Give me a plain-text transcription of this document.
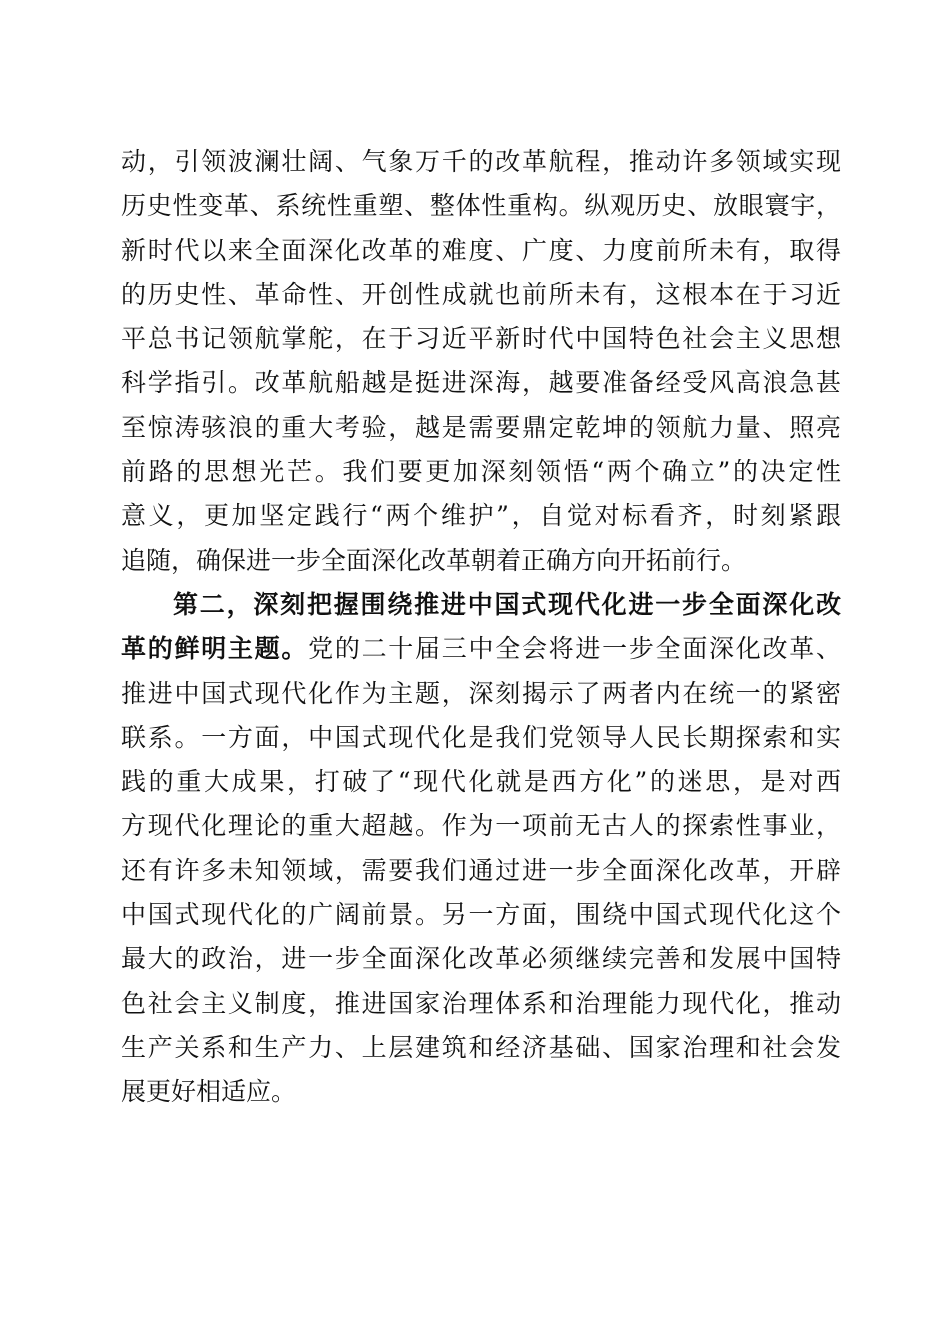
动，引领波澜壮阔、气象万千的改革航程，推动许多领域实现
历史性变革、系统性重塑、整体性重构。纵观历史、放眼寰宇，
新时代以来全面深化改革的难度、广度、力度前所未有，取得
的历史性、革命性、开创性成就也前所未有，这根本在于习近
平总书记领航掌舵，在于习近平新时代中国特色社会主义思想
科学指引。改革航船越是挺进深海，越要准备经受风高浪急甚
至惊涛骇浪的重大考验，越是需要鼎定乾坤的领航力量、照亮
前路的思想光芒。我们要更加深刻领悟“两个确立”的决定性
意义，更加坚定践行“两个维护”，自觉对标看齐，时刻紧跟
追随，确保进一步全面深化改革朝着正确方向开拓前行。
第二，深刻把握围绕推进中国式现代化进一步全面深化改
革的鲜明主题。党的二十届三中全会将进一步全面深化改革、
推进中国式现代化作为主题，深刻揭示了两者内在统一的紧密
联系。一方面，中国式现代化是我们党领导人民长期探索和实
践的重大成果，打破了“现代化就是西方化”的迷思，是对西
方现代化理论的重大超越。作为一项前无古人的探索性事业，
还有许多未知领域，需要我们通过进一步全面深化改革，开辟
中国式现代化的广阔前景。另一方面，围绕中国式现代化这个
最大的政治，进一步全面深化改革必须继续完善和发展中国特
色社会主义制度，推进国家治理体系和治理能力现代化，推动
生产关系和生产力、上层建筑和经济基础、国家治理和社会发
展更好相适应。
